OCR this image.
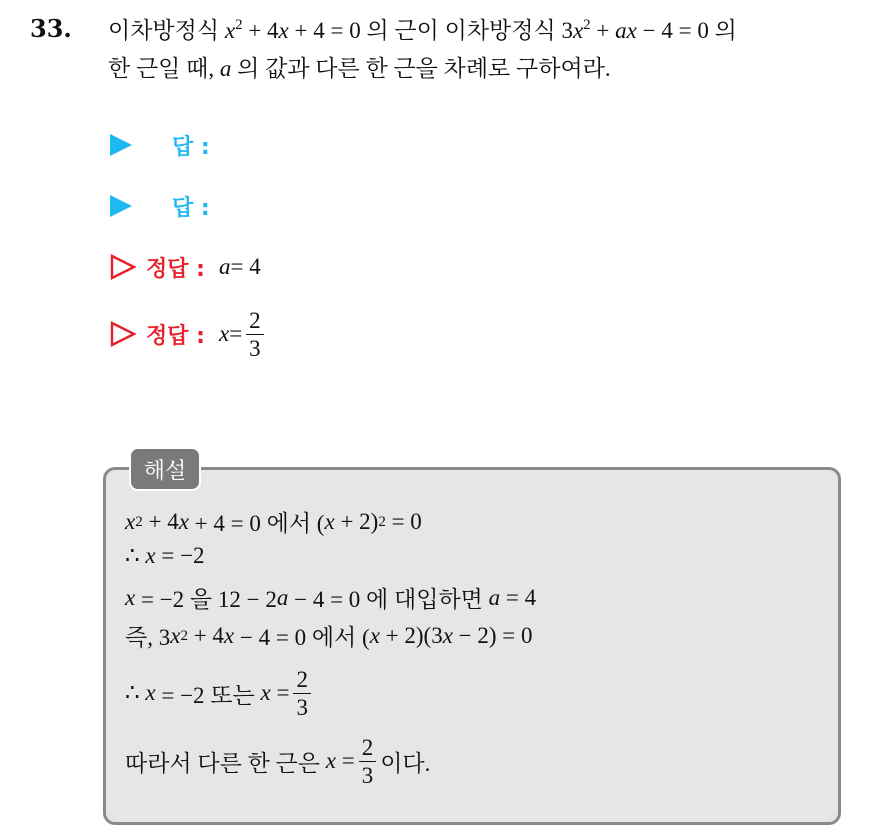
33. 이차방정식 $x^2 + 4x + 4 = 0$ 의 근이 이차방정식 $3x^2$ + ax − 4 = 0 의
한 근일 때, a 의 값과 다른 한 근을 차례로 구하여라.
답 :
답 :
정답 : a = 4
정답 : $x = \frac{2}{3}$
해설
x 2 + 4 x + 4 = 0 에서 ( x + 2) 2 = 0
∴ x = −2
x = −2 을 12 − 2 a − 4 = 0 에 대입하면 a = 4
즉, 3 x 2 + 4 x − 4 = 0 에서 ( x + 2)(3 x − 2) = 0
∴ x = −2 또는 $x = \frac{2}{3}$
따라서 다른 한 근은 $x = \frac{2}{3}$ 이다.
